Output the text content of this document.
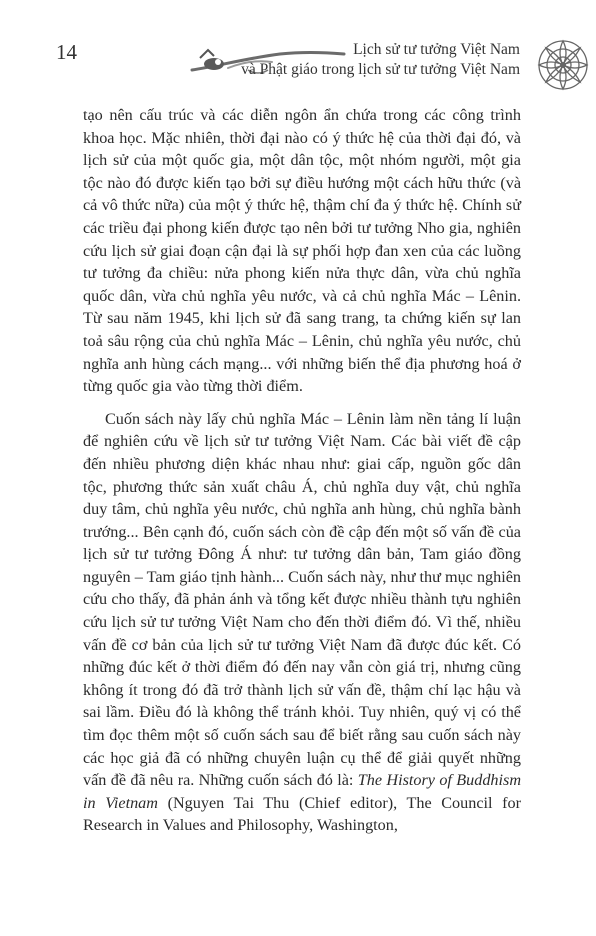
14	Lịch sử tư tưởng Việt Nam
và Phật giáo trong lịch sử tư tưởng Việt Nam

tạo nên cấu trúc và các diễn ngôn ẩn chứa trong các công trình khoa học. Mặc nhiên, thời đại nào có ý thức hệ của thời đại đó, và lịch sử của một quốc gia, một dân tộc, một nhóm người, một gia tộc nào đó được kiến tạo bởi sự điều hướng một cách hữu thức (và cả vô thức nữa) của một ý thức hệ, thậm chí đa ý thức hệ. Chính sử các triều đại phong kiến được tạo nên bởi tư tưởng Nho gia, nghiên cứu lịch sử giai đoạn cận đại là sự phối hợp đan xen của các luồng tư tưởng đa chiều: nửa phong kiến nửa thực dân, vừa chủ nghĩa quốc dân, vừa chủ nghĩa yêu nước, và cả chủ nghĩa Mác – Lênin. Từ sau năm 1945, khi lịch sử đã sang trang, ta chứng kiến sự lan toả sâu rộng của chủ nghĩa Mác – Lênin, chủ nghĩa yêu nước, chủ nghĩa anh hùng cách mạng... với những biến thể địa phương hoá ở từng quốc gia vào từng thời điểm.

Cuốn sách này lấy chủ nghĩa Mác – Lênin làm nền tảng lí luận để nghiên cứu về lịch sử tư tưởng Việt Nam. Các bài viết đề cập đến nhiều phương diện khác nhau như: giai cấp, nguồn gốc dân tộc, phương thức sản xuất châu Á, chủ nghĩa duy vật, chủ nghĩa duy tâm, chủ nghĩa yêu nước, chủ nghĩa anh hùng, chủ nghĩa bành trướng... Bên cạnh đó, cuốn sách còn đề cập đến một số vấn đề của lịch sử tư tưởng Đông Á như: tư tưởng dân bản, Tam giáo đồng nguyên – Tam giáo tịnh hành... Cuốn sách này, như thư mục nghiên cứu cho thấy, đã phản ánh và tổng kết được nhiều thành tựu nghiên cứu lịch sử tư tưởng Việt Nam cho đến thời điểm đó. Vì thế, nhiều vấn đề cơ bản của lịch sử tư tưởng Việt Nam đã được đúc kết. Có những đúc kết ở thời điểm đó đến nay vẫn còn giá trị, nhưng cũng không ít trong đó đã trở thành lịch sử vấn đề, thậm chí lạc hậu và sai lầm. Điều đó là không thể tránh khỏi. Tuy nhiên, quý vị có thể tìm đọc thêm một số cuốn sách sau để biết rằng sau cuốn sách này các học giả đã có những chuyên luận cụ thể để giải quyết những vấn đề đã nêu ra. Những cuốn sách đó là: The History of Buddhism in Vietnam (Nguyen Tai Thu (Chief editor), The Council for Research in Values and Philosophy, Washington,
